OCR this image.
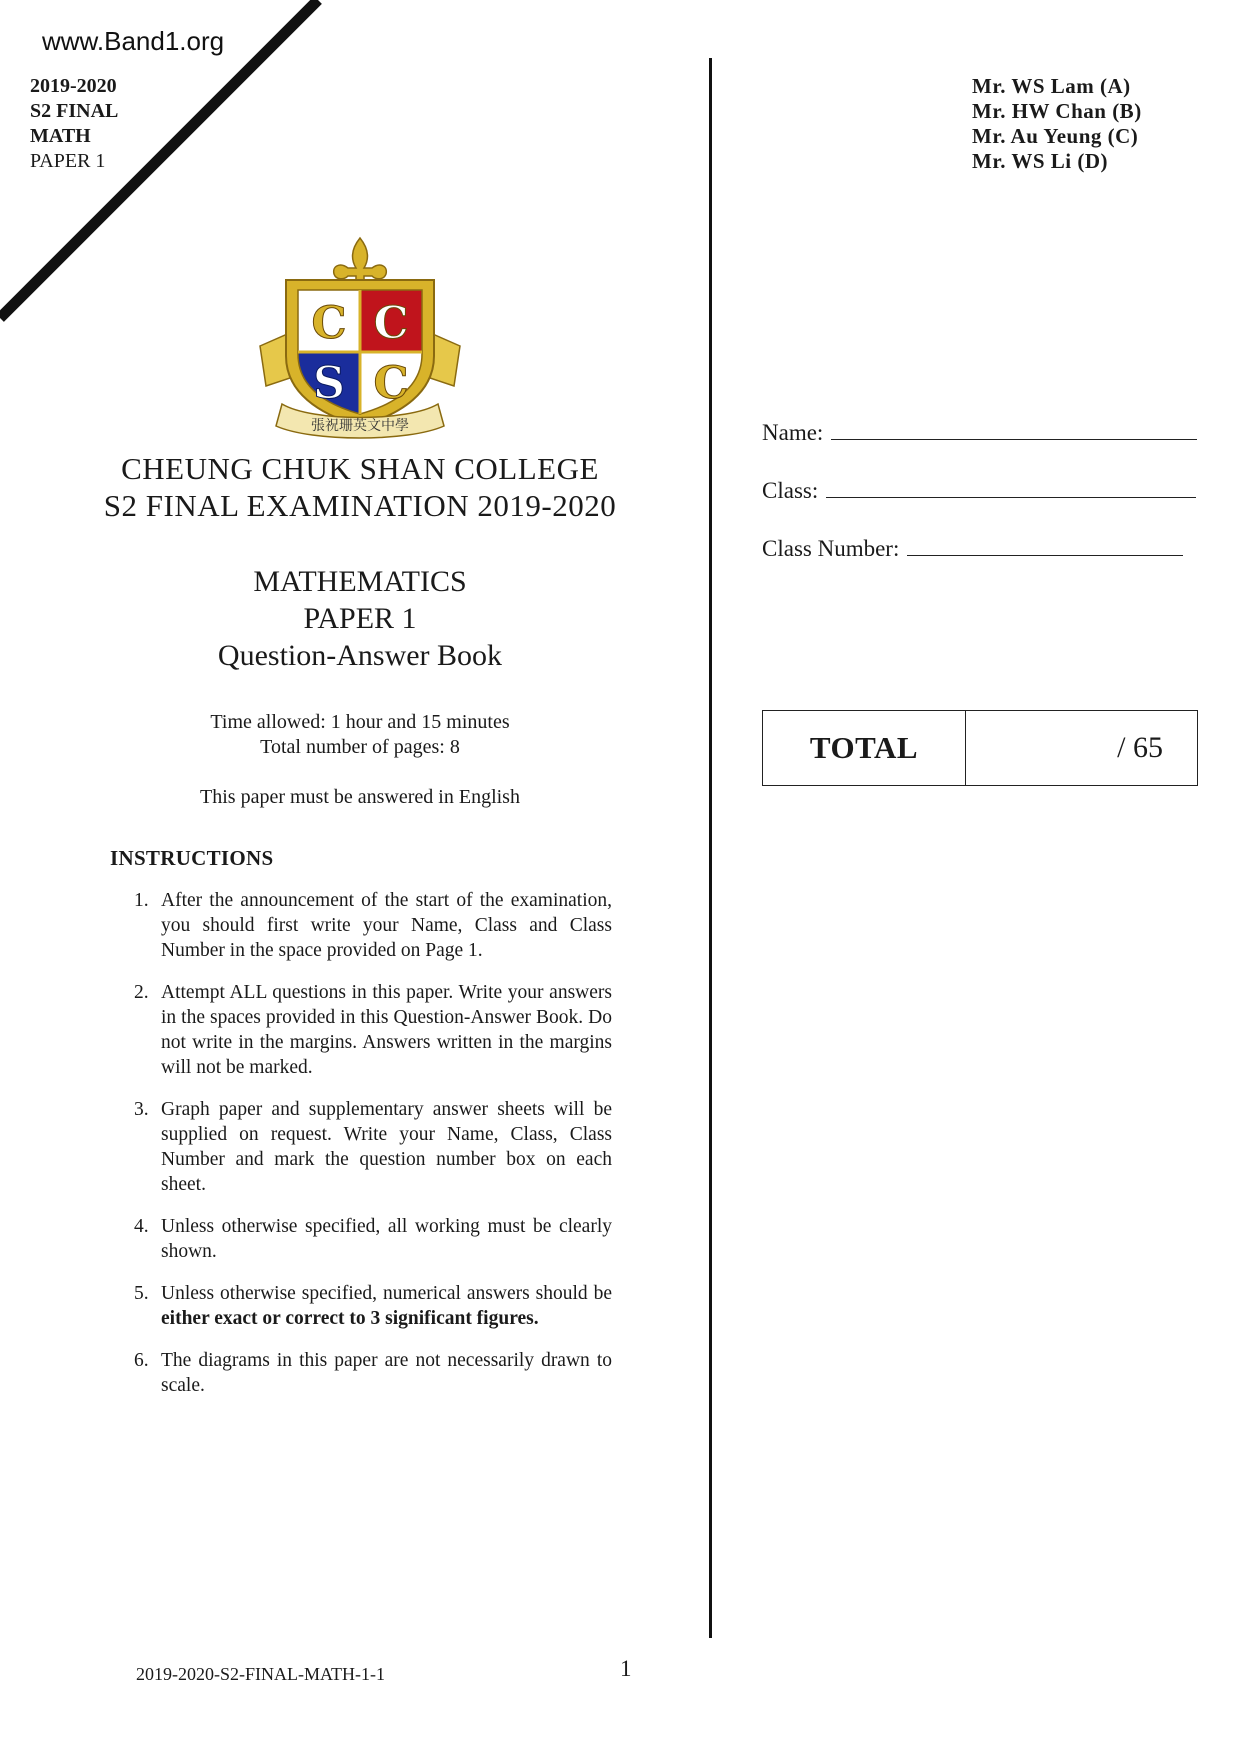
www.Band1.org
2019-2020
S2 FINAL
MATH
PAPER 1
Mr. WS Lam (A)
Mr. HW Chan (B)
Mr. Au Yeung (C)
Mr. WS Li (D)
C C
S C
張祝珊英文中學
CHEUNG CHUK SHAN COLLEGE
S2 FINAL EXAMINATION 2019-2020
MATHEMATICS
PAPER 1
Question-Answer Book
Time allowed: 1 hour and 15 minutes
Total number of pages: 8
This paper must be answered in English
INSTRUCTIONS
1. After the announcement of the start of the examination, you should first write your Name, Class and Class Number in the space provided on Page 1.
2. Attempt ALL questions in this paper. Write your answers in the spaces provided in this Question-Answer Book. Do not write in the margins. Answers written in the margins will not be marked.
3. Graph paper and supplementary answer sheets will be supplied on request. Write your Name, Class, Class Number and mark the question number box on each sheet.
4. Unless otherwise specified, all working must be clearly shown.
5. Unless otherwise specified, numerical answers should be either exact or correct to 3 significant figures.
6. The diagrams in this paper are not necessarily drawn to scale.
Name:
Class:
Class Number:
TOTAL	/ 65
2019-2020-S2-FINAL-MATH-1-1	1
